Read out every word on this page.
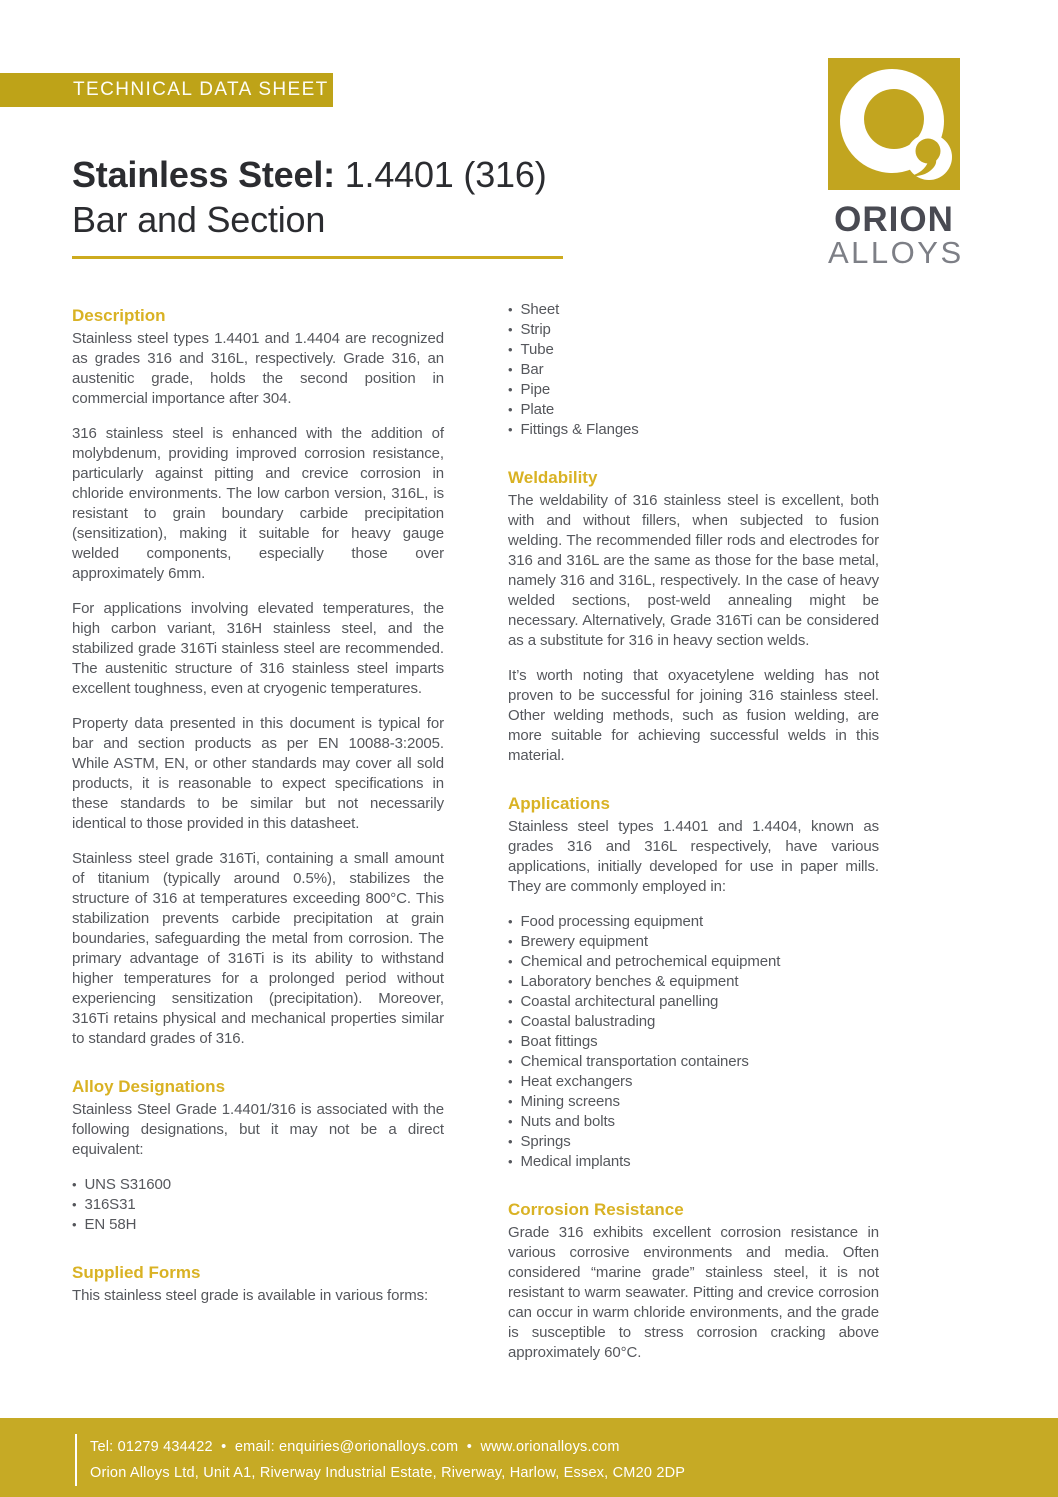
TECHNICAL DATA SHEET
Stainless Steel: 1.4401 (316)
Bar and Section	ORION
ALLOYS
Description

Stainless steel types 1.4401 and 1.4404 are recognized as grades 316 and 316L, respectively. Grade 316, an austenitic grade, holds the second position in commercial importance after 304.

316 stainless steel is enhanced with the addition of molybdenum, providing improved corrosion resistance, particularly against pitting and crevice corrosion in chloride environments. The low carbon version, 316L, is resistant to grain boundary carbide precipitation (sensitization), making it suitable for heavy gauge welded components, especially those over approximately 6mm.

For applications involving elevated temperatures, the high carbon variant, 316H stainless steel, and the stabilized grade 316Ti stainless steel are recommended. The austenitic structure of 316 stainless steel imparts excellent toughness, even at cryogenic temperatures.

Property data presented in this document is typical for bar and section products as per EN 10088-3:2005. While ASTM, EN, or other standards may cover all sold products, it is reasonable to expect specifications in these standards to be similar but not necessarily identical to those provided in this datasheet.

Stainless steel grade 316Ti, containing a small amount of titanium (typically around 0.5%), stabilizes the structure of 316 at temperatures exceeding 800°C. This stabilization prevents carbide precipitation at grain boundaries, safeguarding the metal from corrosion. The primary advantage of 316Ti is its ability to withstand higher temperatures for a prolonged period without experiencing sensitization (precipitation). Moreover, 316Ti retains physical and mechanical properties similar to standard grades of 316.

Alloy Designations

Stainless Steel Grade 1.4401/316 is associated with the following designations, but it may not be a direct equivalent:

• UNS S31600
• 316S31
• EN 58H
Supplied Forms

This stainless steel grade is available in various forms:

• Sheet
• Strip
• Tube
• Bar
• Pipe
• Plate
• Fittings & Flanges
Weldability

The weldability of 316 stainless steel is excellent, both with and without fillers, when subjected to fusion welding. The recommended filler rods and electrodes for 316 and 316L are the same as those for the base metal, namely 316 and 316L, respectively. In the case of heavy welded sections, post-weld annealing might be necessary. Alternatively, Grade 316Ti can be considered as a substitute for 316 in heavy section welds.

It’s worth noting that oxyacetylene welding has not proven to be successful for joining 316 stainless steel. Other welding methods, such as fusion welding, are more suitable for achieving successful welds in this material.

Applications

Stainless steel types 1.4401 and 1.4404, known as grades 316 and 316L respectively, have various applications, initially developed for use in paper mills. They are commonly employed in:

• Food processing equipment
• Brewery equipment
• Chemical and petrochemical equipment
• Laboratory benches & equipment
• Coastal architectural panelling
• Coastal balustrading
• Boat fittings
• Chemical transportation containers
• Heat exchangers
• Mining screens
• Nuts and bolts
• Springs
• Medical implants
Corrosion Resistance

Grade 316 exhibits excellent corrosion resistance in various corrosive environments and media. Often considered “marine grade” stainless steel, it is not resistant to warm seawater. Pitting and crevice corrosion can occur in warm chloride environments, and the grade is susceptible to stress corrosion cracking above approximately 60°C.

Tel: 01279 434422  •  email: enquiries@orionalloys.com  •  www.orionalloys.com
Orion Alloys Ltd, Unit A1, Riverway Industrial Estate, Riverway, Harlow, Essex, CM20 2DP
